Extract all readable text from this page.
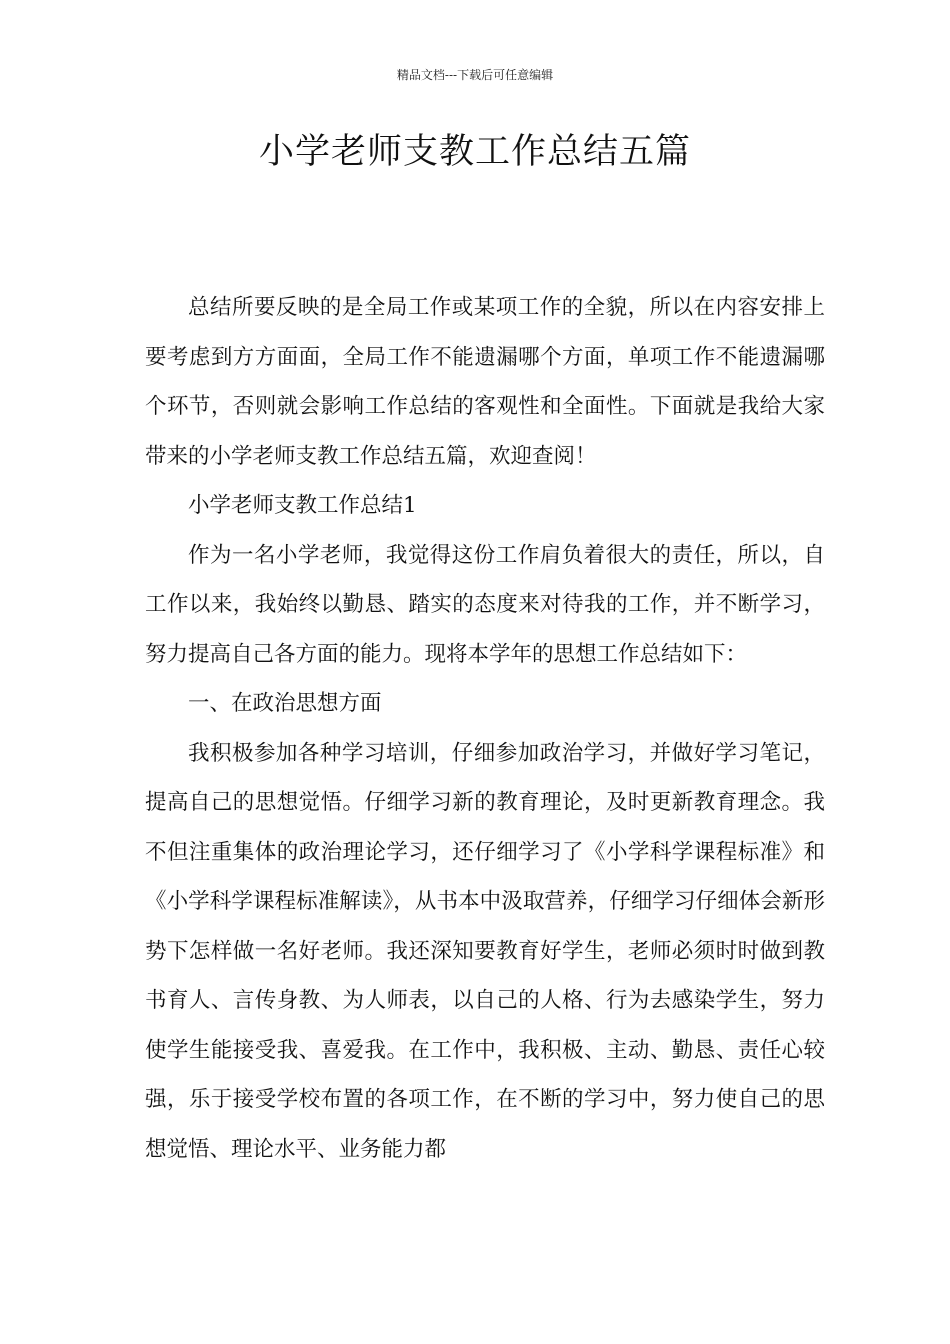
精品文档---下载后可任意编辑
小学老师支教工作总结五篇

总结所要反映的是全局工作或某项工作的全貌，所以在内容安排上要考虑到方方面面，全局工作不能遗漏哪个方面，单项工作不能遗漏哪个环节，否则就会影响工作总结的客观性和全面性。下面就是我给大家带来的小学老师支教工作总结五篇，欢迎查阅！

小学老师支教工作总结1

作为一名小学老师，我觉得这份工作肩负着很大的责任，所以，自工作以来，我始终以勤恳、踏实的态度来对待我的工作，并不断学习，努力提高自己各方面的能力。现将本学年的思想工作总结如下：

一、在政治思想方面

我积极参加各种学习培训，仔细参加政治学习，并做好学习笔记，提高自己的思想觉悟。仔细学习新的教育理论，及时更新教育理念。我不但注重集体的政治理论学习，还仔细学习了《小学科学课程标准》和《小学科学课程标准解读》，从书本中汲取营养，仔细学习仔细体会新形势下怎样做一名好老师。我还深知要教育好学生，老师必须时时做到教书育人、言传身教、为人师表，以自己的人格、行为去感染学生，努力使学生能接受我、喜爱我。在工作中，我积极、主动、勤恳、责任心较强，乐于接受学校布置的各项工作，在不断的学习中，努力使自己的思想觉悟、理论水平、业务能力都
